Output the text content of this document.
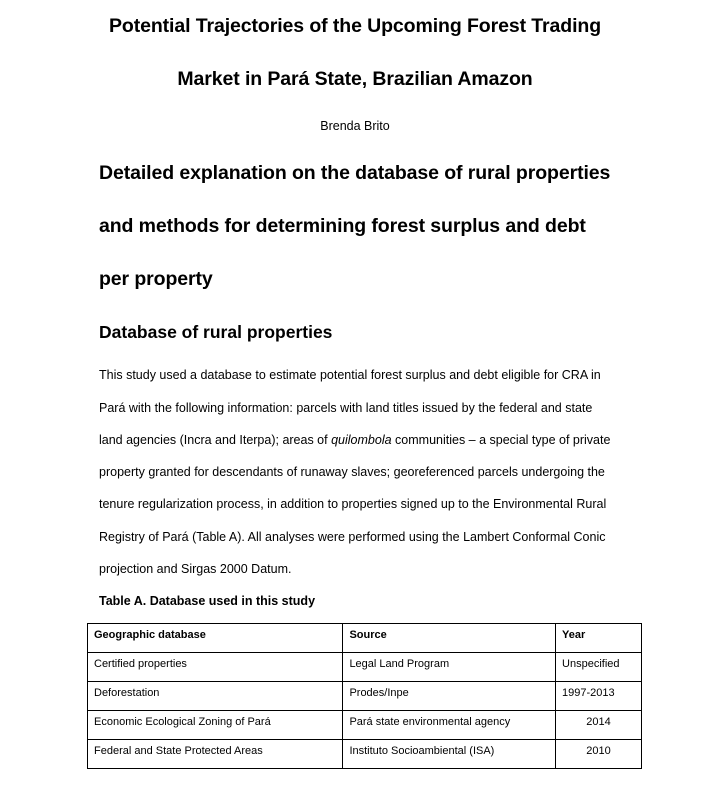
Potential Trajectories of the Upcoming Forest Trading
Market in Pará State, Brazilian Amazon
Brenda Brito
Detailed explanation on the database of rural properties
and methods for determining forest surplus and debt
per property
Database of rural properties
This study used a database to estimate potential forest surplus and debt eligible for CRA in
Pará with the following information: parcels with land titles issued by the federal and state
land agencies (Incra and Iterpa); areas of quilombola communities – a special type of private
property granted for descendants of runaway slaves; georeferenced parcels undergoing the
tenure regularization process, in addition to properties signed up to the Environmental Rural
Registry of Pará (Table A). All analyses were performed using the Lambert Conformal Conic
projection and Sirgas 2000 Datum.
Table A. Database used in this study
Geographic database	Source	Year
Certified properties	Legal Land Program	Unspecified
Deforestation	Prodes/Inpe	1997-2013
Economic Ecological Zoning of Pará	Pará state environmental agency	2014
Federal and State Protected Areas	Instituto Socioambiental (ISA)	2010
